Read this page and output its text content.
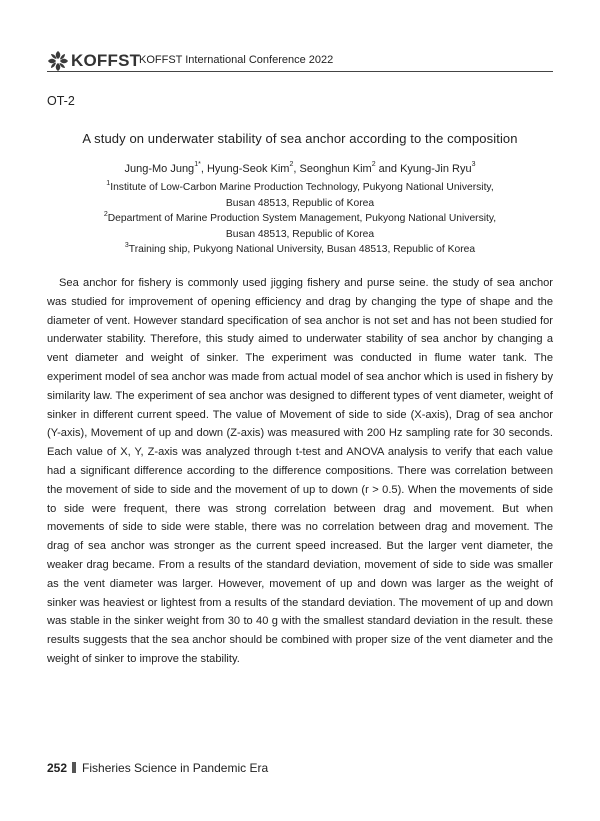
KOFFST
KOFFST International Conference 2022
OT-2
A study on underwater stability of sea anchor according to the composition
Jung-Mo Jung$^{1*}$, Hyung-Seok Kim$^2$, Seonghun Kim$^2$ and Kyung-Jin Ryu$^3$
$^1$Institute of Low-Carbon Marine Production Technology, Pukyong National University,
Busan 48513, Republic of Korea
$^2$Department of Marine Production System Management, Pukyong National University,
Busan 48513, Republic of Korea
$^3$Training ship, Pukyong National University, Busan 48513, Republic of Korea

Sea anchor for fishery is commonly used jigging fishery and purse seine. the study of sea anchor was studied for improvement of opening efficiency and drag by changing the type of shape and the diameter of vent. However standard specification of sea anchor is not set and has not been studied for underwater stability. Therefore, this study aimed to underwater stability of sea anchor by changing a vent diameter and weight of sinker. The experiment was conducted in flume water tank. The experiment model of sea anchor was made from actual model of sea anchor which is used in fishery by similarity law. The experiment of sea anchor was designed to different types of vent diameter, weight of sinker in different current speed. The value of Movement of side to side (X-axis), Drag of sea anchor (Y-axis), Movement of up and down (Z-axis) was measured with 200 Hz sampling rate for 30 seconds. Each value of X, Y, Z-axis was analyzed through t-test and ANOVA analysis to verify that each value had a significant difference according to the difference compositions. There was correlation between the movement of side to side and the movement of up to down (r > 0.5). When the movements of side to side were frequent, there was strong correlation between drag and movement. But when movements of side to side were stable, there was no correlation between drag and movement. The drag of sea anchor was stronger as the current speed increased. But the larger vent diameter, the weaker drag became. From a results of the standard deviation, movement of side to side was smaller as the vent diameter was larger. However, movement of up and down was larger as the weight of sinker was heaviest or lightest from a results of the standard deviation. The movement of up and down was stable in the sinker weight from 30 to 40 g with the smallest standard deviation in the result. these results suggests that the sea anchor should be combined with proper size of the vent diameter and the weight of sinker to improve the stability.

252 Fisheries Science in Pandemic Era
